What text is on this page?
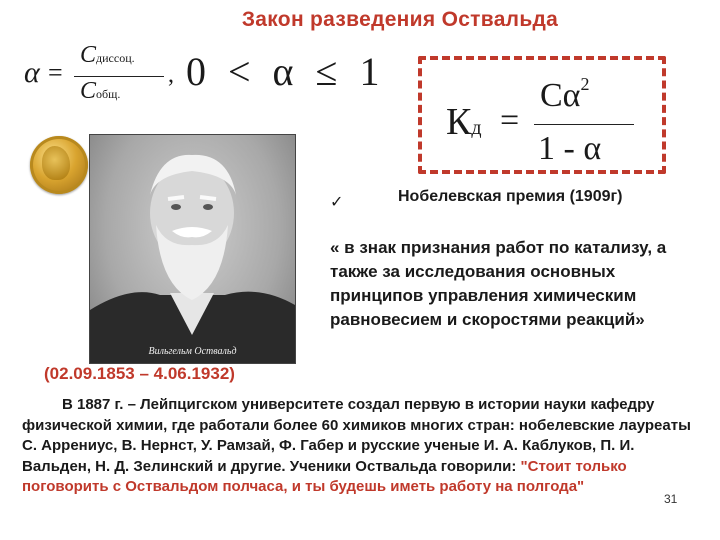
Закон разведения Оствальда
α =
Cдиссоц.
Cобщ.
, 0 < α ≤ 1
Вильгельм Оствальд
Кд =
$С\alpha^2$
1 - α
✓	Нобелевская премия (1909г)
« в знак признания работ по катализу, а также за исследования основных принципов управления химическим равновесием и скоростями реакций»
(02.09.1853 – 4.06.1932)
В 1887 г. – Лейпцигском университете создал первую в истории науки кафедру физической химии, где работали более 60 химиков многих стран: нобелевские лауреаты С. Аррениус, В. Нернст, У. Рамзай, Ф. Габер и русские ученые И. А. Каблуков, П. И. Вальден, Н. Д. Зелинский и другие. Ученики Оствальда говорили: "Стоит только поговорить с Оствальдом полчаса, и ты будешь иметь работу на полгода"
31
